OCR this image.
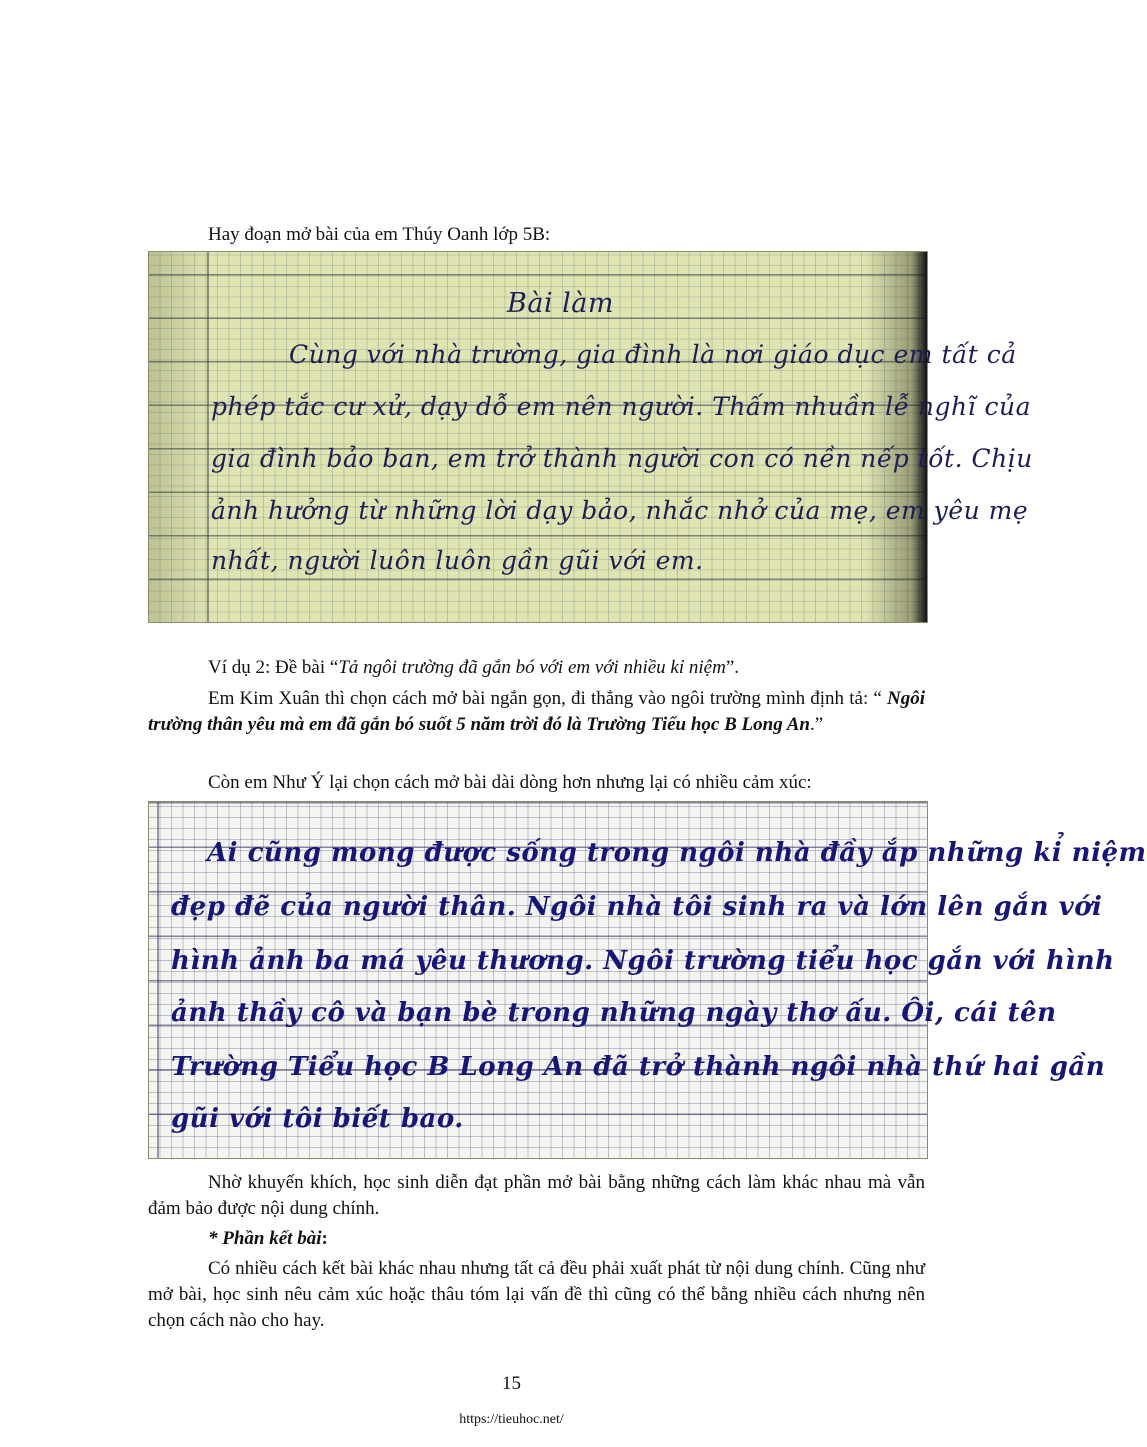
Hay đoạn mở bài của em Thúy Oanh lớp 5B:

Bài làm
Cùng với nhà trường, gia đình là nơi giáo dục em tất cả
phép tắc cư xử, dạy dỗ em nên người. Thấm nhuần lễ nghĩ của
gia đình bảo ban, em trở thành người con có nền nếp tốt. Chịu
ảnh hưởng từ những lời dạy bảo, nhắc nhở của mẹ, em yêu mẹ
nhất, người luôn luôn gần gũi với em.

Ví dụ 2: Đề bài “Tả ngôi trường đã gắn bó với em với nhiều kỉ niệm”.

Em Kim Xuân thì chọn cách mở bài ngắn gọn, đi thẳng vào ngôi trường mình định tả: “ Ngôi trường thân yêu mà em đã gắn bó suốt 5 năm trời đó là Trường Tiểu học B Long An.”

Còn em Như Ý lại chọn cách mở bài dài dòng hơn nhưng lại có nhiều cảm xúc:

Ai cũng mong được sống trong ngôi nhà đầy ắp những kỉ niệm
đẹp đẽ của người thân. Ngôi nhà tôi sinh ra và lớn lên gắn với
hình ảnh ba má yêu thương. Ngôi trường tiểu học gắn với hình
ảnh thầy cô và bạn bè trong những ngày thơ ấu. Ôi, cái tên
Trường Tiểu học B Long An đã trở thành ngôi nhà thứ hai gần
gũi với tôi biết bao.

Nhờ khuyến khích, học sinh diễn đạt phần mở bài bằng những cách làm khác nhau mà vẫn đảm bảo được nội dung chính.

* Phần kết bài:

Có nhiều cách kết bài khác nhau nhưng tất cả đều phải xuất phát từ nội dung chính. Cũng như mở bài, học sinh nêu cảm xúc hoặc thâu tóm lại vấn đề thì cũng có thể bằng nhiều cách nhưng nên chọn cách nào cho hay.

15
https://tieuhoc.net/
